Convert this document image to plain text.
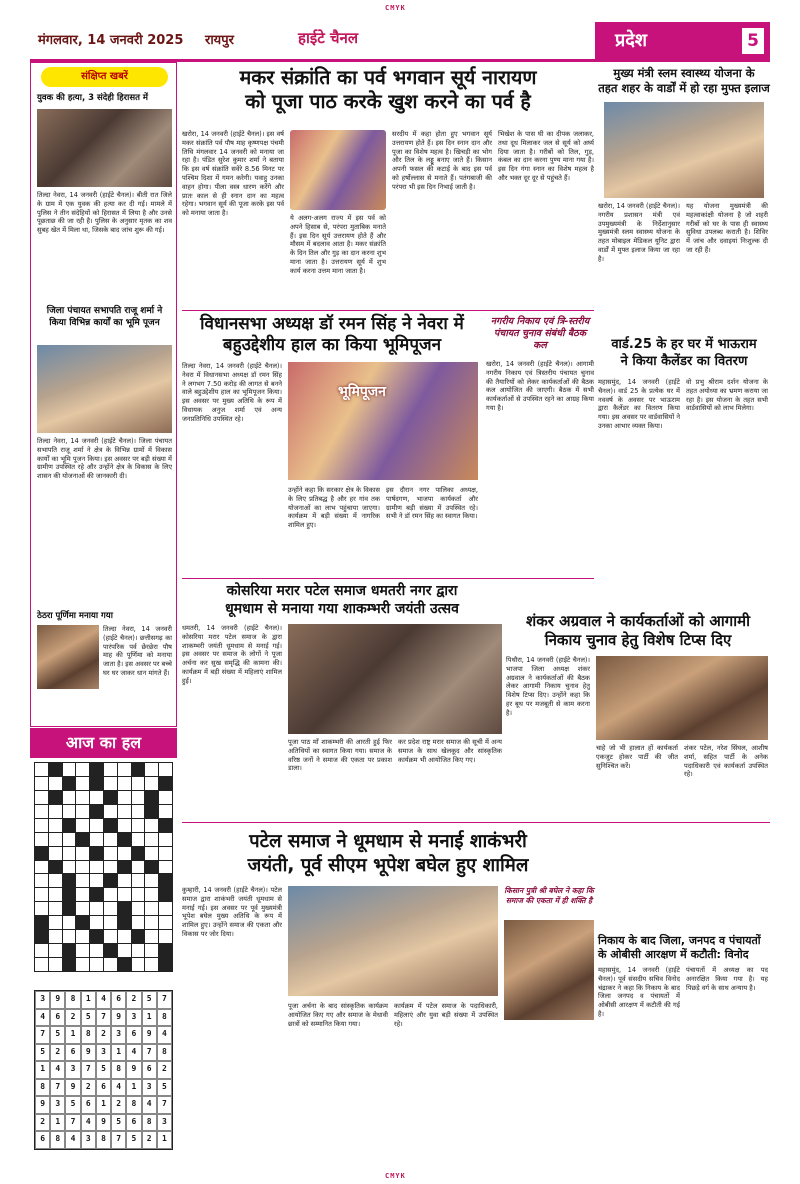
CMYK
मंगलवार, 14 जनवरी 2025 रायपुर	हाईटे चैनल	प्रदेश	5
संक्षिप्त खबरें
युवक की हत्या, 3 संदेही हिरासत में
तिल्दा नेवरा, 14 जनवरी (हाईटे चैनल)। बीती रात जिले के ग्राम में एक युवक की हत्या कर दी गई। मामले में पुलिस ने तीन संदेहियों को हिरासत में लिया है और उनसे पूछताछ की जा रही है। पुलिस के अनुसार मृतक का शव सुबह खेत में मिला था, जिसके बाद जांच शुरू की गई।
जिला पंचायत सभापति राजू शर्मा ने किया विभिन्न कार्यों का भूमि पूजन
तिल्दा नेवरा, 14 जनवरी (हाईटे चैनल)। जिला पंचायत सभापति राजू शर्मा ने क्षेत्र के विभिन्न ग्रामों में विकास कार्यों का भूमि पूजन किया। इस अवसर पर बड़ी संख्या में ग्रामीण उपस्थित रहे और उन्होंने क्षेत्र के विकास के लिए शासन की योजनाओं की जानकारी दी।
ठेठरा पूर्णिमा मनाया गया
तिल्दा नेवरा, 14 जनवरी (हाईटे चैनल)। छत्तीसगढ़ का पारंपरिक पर्व छेरछेरा पौष माह की पूर्णिमा को मनाया जाता है। इस अवसर पर बच्चे घर घर जाकर धान मांगते हैं।
आज का हल
3	9	8	1	4	6	2	5	7
4	6	2	5	7	9	3	1	8
7	5	1	8	2	3	6	9	4
5	2	6	9	3	1	4	7	8
1	4	3	7	5	8	9	6	2
8	7	9	2	6	4	1	3	5
9	3	5	6	1	2	8	4	7
2	1	7	4	9	5	6	8	3
6	8	4	3	8	7	5	2	1
मकर संक्रांति का पर्व भगवान सूर्य नारायण
को पूजा पाठ करके खुश करने का पर्व है
खरोरा, 14 जनवरी (हाईटे चैनल)। इस वर्ष मकर संक्रांति पर्व पौष माह कृष्णपक्ष पंचमी तिथि मंगलवार 14 जनवरी को मनाया जा रहा है। पंडित सुरेश कुमार शर्मा ने बताया कि इस वर्ष संक्रांति सवेरे 8.56 मिनट पर पश्चिम दिशा में गमन करेगी। यवाहु उनका वाहन होगा। पीला वस्त्र धारण करेंगे और प्रातः काल से ही स्नान दान का महत्व रहेगा। भगवान सूर्य की पूजा करके इस पर्व को मनाया जाता है।
ये अलग-अलग राज्य में इस पर्व को अपने हिसाब से, परंपरा मुताबिक मनाते हैं। इस दिन सूर्य उत्तरायण होते हैं और मौसम में बदलाव आता है। मकर संक्रांति के दिन तिल और गुड़ का दान करना शुभ माना जाता है। उत्तरायण सूर्य में शुभ कार्य करना उत्तम माना जाता है।
सरदीय में कहा होता हुए भगवान सूर्य उत्तरायण होते हैं। इस दिन स्नान दान और पूजा का विशेष महत्व है। खिचड़ी का भोग और तिल के लड्डू बनाए जाते हैं। किसान अपनी फसल की कटाई के बाद इस पर्व को हर्षोल्लास से मनाते हैं। पतंगबाजी की परंपरा भी इस दिन निभाई जाती है।
भिखेश के पास घी का दीपक जलाकर, तथा दूध मिलाकर जल से सूर्य को अर्घ्य दिया जाता है। गरीबों को तिल, गुड़, कंबल का दान करना पुण्य माना गया है। इस दिन गंगा स्नान का विशेष महत्व है और भक्त दूर दूर से पहुंचते हैं।
विधानसभा अध्यक्ष डॉ रमन सिंह ने नेवरा में
बहुउद्देशीय हाल का किया भूमिपूजन
तिल्दा नेवरा, 14 जनवरी (हाईटे चैनल)। नेवरा में विधानसभा अध्यक्ष डॉ रमन सिंह ने लगभग 7.50 करोड़ की लागत से बनने वाले बहुउद्देशीय हाल का भूमिपूजन किया। इस अवसर पर मुख्य अतिथि के रूप में विधायक अनुज शर्मा एवं अन्य जनप्रतिनिधि उपस्थित रहे।
भूमिपूजन
उन्होंने कहा कि सरकार क्षेत्र के विकास के लिए प्रतिबद्ध है और हर गांव तक योजनाओं का लाभ पहुंचाया जाएगा। कार्यक्रम में बड़ी संख्या में नागरिक शामिल हुए।
इस दौरान नगर पालिका अध्यक्ष, पार्षदगण, भाजपा कार्यकर्ता और ग्रामीण बड़ी संख्या में उपस्थित रहे। सभी ने डॉ रमन सिंह का स्वागत किया।
नगरीय निकाय एवं त्रि-स्तरीय पंचायत चुनाव संबंधी बैठक कल
खरोरा, 14 जनवरी (हाईटे चैनल)। आगामी नगरीय निकाय एवं त्रिस्तरीय पंचायत चुनाव की तैयारियों को लेकर कार्यकर्ताओं की बैठक कल आयोजित की जाएगी। बैठक में सभी कार्यकर्ताओं से उपस्थित रहने का आग्रह किया गया है।
मुख्य मंत्री स्लम स्वास्थ्य योजना के
तहत शहर के वार्डों में हो रहा मुफ्त इलाज
खरोरा, 14 जनवरी (हाईटे चैनल)। नगरीय प्रशासन मंत्री एवं उपमुख्यमंत्री के निर्देशानुसार मुख्यमंत्री स्लम स्वास्थ्य योजना के तहत मोबाइल मेडिकल यूनिट द्वारा वार्डों में मुफ्त इलाज किया जा रहा है।
यह योजना मुख्यमंत्री की महत्वाकांक्षी योजना है जो शहरी गरीबों को घर के पास ही स्वास्थ्य सुविधा उपलब्ध कराती है। शिविर में जांच और दवाइयां निःशुल्क दी जा रही हैं।
वार्ड.25 के हर घर में भाऊराम
ने किया कैलेंडर का वितरण
महासमुंद, 14 जनवरी (हाईटे चैनल)। वार्ड 25 के प्रत्येक घर में नववर्ष के अवसर पर भाऊराम द्वारा कैलेंडर का वितरण किया गया। इस अवसर पर वार्डवासियों ने उनका आभार व्यक्त किया।
वो प्रभु श्रीराम दर्शन योजना के तहत अयोध्या का भ्रमण कराया जा रहा है। इस योजना के तहत सभी वार्डवासियों को लाभ मिलेगा।
कोसरिया मरार पटेल समाज धमतरी नगर द्वारा
धूमधाम से मनाया गया शाकम्भरी जयंती उत्सव
धमतरी, 14 जनवरी (हाईटे चैनल)। कोसरिया मरार पटेल समाज के द्वारा शाकम्भरी जयंती धूमधाम से मनाई गई। इस अवसर पर समाज के लोगों ने पूजा अर्चना कर सुख समृद्धि की कामना की। कार्यक्रम में बड़ी संख्या में महिलाएं शामिल हुईं।
पूजा पाठ माँ शाकम्भरी की आरती हुई फिर अतिथियों का स्वागत किया गया। समाज के वरिष्ठ जनों ने समाज की एकता पर प्रकाश डाला।
कर प्रदेश राष्ट्र मरार समाज की सूची में अन्य समाज के साथ खेलकूद और सांस्कृतिक कार्यक्रम भी आयोजित किए गए।
शंकर अग्रवाल ने कार्यकर्ताओं को आगामी
निकाय चुनाव हेतु विशेष टिप्स दिए
पिथौरा, 14 जनवरी (हाईटे चैनल)। भाजपा जिला अध्यक्ष शंकर अग्रवाल ने कार्यकर्ताओं की बैठक लेकर आगामी निकाय चुनाव हेतु विशेष टिप्स दिए। उन्होंने कहा कि हर बूथ पर मजबूती से काम करना है।
चाहे जो भी हालात हों कार्यकर्ता एकजुट होकर पार्टी की जीत सुनिश्चित करें।
शंकर पटेल, नरेश सिंघल, आशीष शर्मा, सहित पार्टी के अनेक पदाधिकारी एवं कार्यकर्ता उपस्थित रहे।
पटेल समाज ने धूमधाम से मनाई शाकंभरी
जयंती, पूर्व सीएम भूपेश बघेल हुए शामिल
कुम्हारी, 14 जनवरी (हाईटे चैनल)। पटेल समाज द्वारा शाकंभरी जयंती धूमधाम से मनाई गई। इस अवसर पर पूर्व मुख्यमंत्री भूपेश बघेल मुख्य अतिथि के रूप में शामिल हुए। उन्होंने समाज की एकता और विकास पर जोर दिया।
पूजा अर्चना के बाद सांस्कृतिक कार्यक्रम आयोजित किए गए और समाज के मेधावी छात्रों को सम्मानित किया गया।
कार्यक्रम में पटेल समाज के पदाधिकारी, महिलाएं और युवा बड़ी संख्या में उपस्थित रहे।
किसान पुत्री श्री बघेल ने कहा कि समाज की एकता में ही शक्ति है
निकाय के बाद जिला, जनपद व पंचायतों
के ओबीसी आरक्षण में कटौती: विनोद
महासमुंद, 14 जनवरी (हाईटे चैनल)। पूर्व संसदीय सचिव विनोद चंद्राकर ने कहा कि निकाय के बाद जिला जनपद व पंचायतों में ओबीसी आरक्षण में कटौती की गई है।
पंचायतों में अध्यक्ष का पद अनारक्षित किया गया है। यह पिछड़े वर्ग के साथ अन्याय है।
CMYK
